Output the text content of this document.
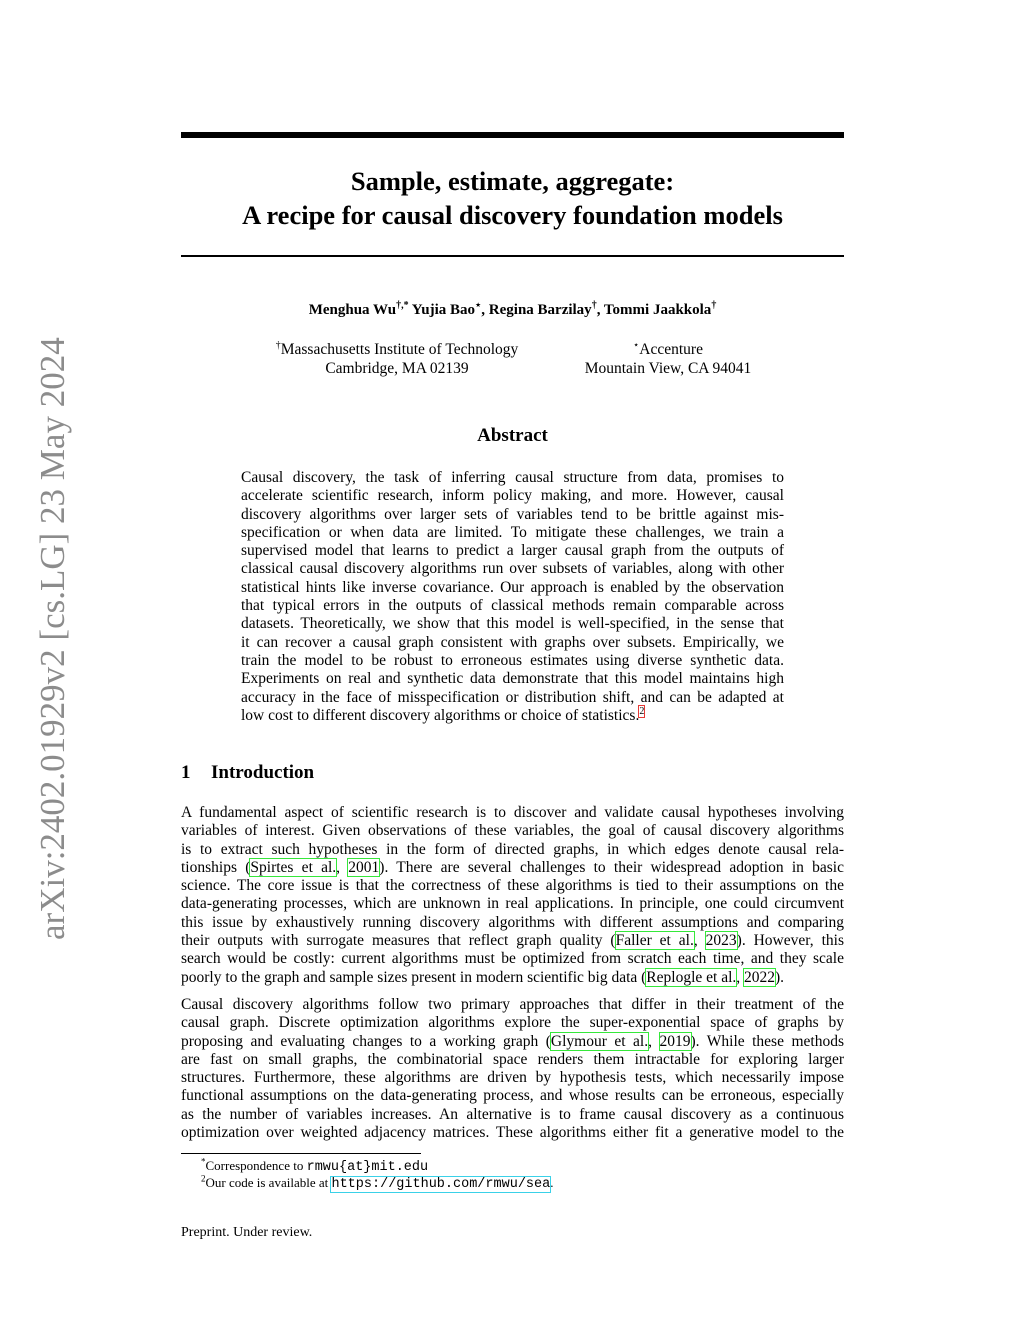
arXiv:2402.01929v2 [cs.LG] 23 May 2024
Sample, estimate, aggregate:
A recipe for causal discovery foundation models
Menghua Wu†,* Yujia Bao⋆, Regina Barzilay†, Tommi Jaakkola†
†Massachusetts Institute of Technology
Cambridge, MA 02139
⋆Accenture
Mountain View, CA 94041
Abstract
Causal discovery, the task of inferring causal structure from data, promises to
accelerate scientific research, inform policy making, and more. However, causal
discovery algorithms over larger sets of variables tend to be brittle against mis-
specification or when data are limited. To mitigate these challenges, we train a
supervised model that learns to predict a larger causal graph from the outputs of
classical causal discovery algorithms run over subsets of variables, along with other
statistical hints like inverse covariance. Our approach is enabled by the observation
that typical errors in the outputs of classical methods remain comparable across
datasets. Theoretically, we show that this model is well-specified, in the sense that
it can recover a causal graph consistent with graphs over subsets. Empirically, we
train the model to be robust to erroneous estimates using diverse synthetic data.
Experiments on real and synthetic data demonstrate that this model maintains high
accuracy in the face of misspecification or distribution shift, and can be adapted at
low cost to different discovery algorithms or choice of statistics.$^2$
1 Introduction
A fundamental aspect of scientific research is to discover and validate causal hypotheses involving
variables of interest. Given observations of these variables, the goal of causal discovery algorithms
is to extract such hypotheses in the form of directed graphs, in which edges denote causal rela-
tionships (Spirtes et al., 2001). There are several challenges to their widespread adoption in basic
science. The core issue is that the correctness of these algorithms is tied to their assumptions on the
data-generating processes, which are unknown in real applications. In principle, one could circumvent
this issue by exhaustively running discovery algorithms with different assumptions and comparing
their outputs with surrogate measures that reflect graph quality (Faller et al., 2023). However, this
search would be costly: current algorithms must be optimized from scratch each time, and they scale
poorly to the graph and sample sizes present in modern scientific big data (Replogle et al., 2022).
Causal discovery algorithms follow two primary approaches that differ in their treatment of the
causal graph. Discrete optimization algorithms explore the super-exponential space of graphs by
proposing and evaluating changes to a working graph (Glymour et al., 2019). While these methods
are fast on small graphs, the combinatorial space renders them intractable for exploring larger
structures. Furthermore, these algorithms are driven by hypothesis tests, which necessarily impose
functional assumptions on the data-generating process, and whose results can be erroneous, especially
as the number of variables increases. An alternative is to frame causal discovery as a continuous
optimization over weighted adjacency matrices. These algorithms either fit a generative model to the
*Correspondence to rmwu{at}mit.edu
$^2$Our code is available at https://github.com/rmwu/sea.
Preprint. Under review.
